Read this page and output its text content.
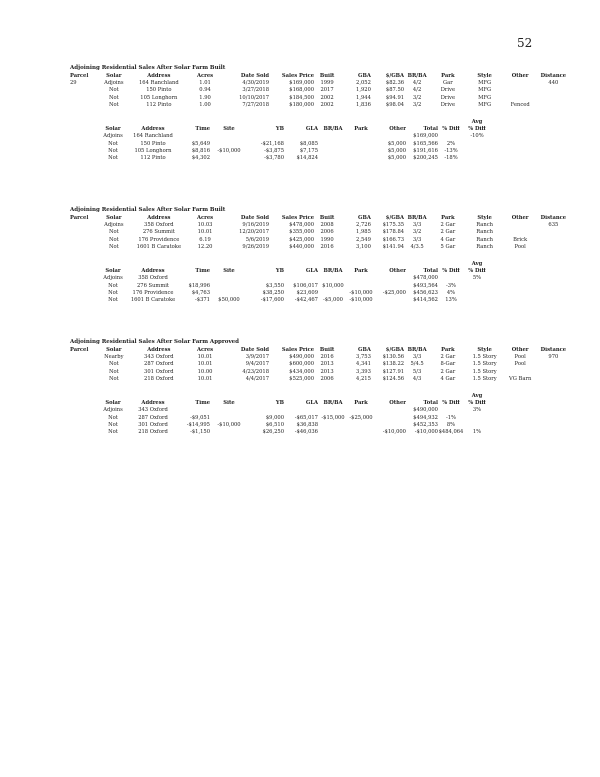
52
Adjoining Residential Sales After Solar Farm Built
Parcel	Solar	Address	Acres	Date Sold	Sales Price	Built	GBA	$/GBA	BR/BA	Park	Style	Other	Distance
29	Adjoins	164 Ranchland	1.01	4/30/2019	$169,000	1999	2,052	$82.36	4/2	Gar	MFG		440
	Not	150 Pinto	0.94	3/27/2018	$168,000	2017	1,920	$87.50	4/2	Drive	MFG		
	Not	105 Longhorn	1.90	10/10/2017	$184,500	2002	1,944	$94.91	3/2	Drive	MFG		
	Not	112 Pinto	1.00	7/27/2018	$180,000	2002	1,836	$98.04	3/2	Drive	MFG	Fenced	
											Avg
Solar	Address	Time	Site	YB	GLA	BR/BA	Park	Other	Total	% Diff	% Diff
Adjoins	164 Ranchland								$169,000		-10%
Not	150 Pinto	$5,649		-$21,168	$8,085			$5,000	$165,566	2%	
Not	105 Longhorn	$8,816	-$10,000	-$3,875	$7,175			$5,000	$191,616	-13%	
Not	112 Pinto	$4,302		-$3,780	$14,824			$5,000	$200,245	-18%	
Adjoining Residential Sales After Solar Farm Built
Parcel	Solar	Address	Acres	Date Sold	Sales Price	Built	GBA	$/GBA	BR/BA	Park	Style	Other	Distance
	Adjoins	358 Oxford	10.03	9/16/2019	$478,000	2008	2,726	$175.35	3/3	2 Gar	Ranch		635
	Not	276 Summit	10.01	12/20/2017	$355,000	2006	1,985	$178.84	3/2	2 Gar	Ranch		
	Not	176 Providence	6.19	5/6/2019	$425,000	1990	2,549	$166.73	3/3	4 Gar	Ranch	Brick	
	Not	1601 B Caratoke	12.20	9/26/2019	$440,000	2016	3,100	$141.94	4/3.5	5 Gar	Ranch	Pool	
											Avg
Solar	Address	Time	Site	YB	GLA	BR/BA	Park	Other	Total	% Diff	% Diff
Adjoins	358 Oxford								$478,000		5%
Not	276 Summit	$18,996		$3,550	$106,017	$10,000			$493,564	-3%	
Not	176 Providence	$4,763		$38,250	$23,609		-$10,000	-$25,000	$456,623	4%	
Not	1601 B Caratoke	-$371	$50,000	-$17,600	-$42,467	-$5,000	-$10,000		$414,562	13%	
Adjoining Residential Sales After Solar Farm Approved
Parcel	Solar	Address	Acres	Date Sold	Sales Price	Built	GBA	$/GBA	BR/BA	Park	Style	Other	Distance
	Nearby	343 Oxford	10.01	3/9/2017	$490,000	2016	3,753	$130.56	3/3	2 Gar	1.5 Story	Pool	970
	Not	287 Oxford	10.01	9/4/2017	$600,000	2013	4,341	$138.22	5/4.5	8-Gar	1.5 Story	Pool	
	Not	301 Oxford	10.00	4/23/2018	$434,000	2013	3,393	$127.91	5/3	2 Gar	1.5 Story		
	Not	218 Oxford	10.01	4/4/2017	$525,000	2006	4,215	$124.56	4/3	4 Gar	1.5 Story	VG Barn	
											Avg
Solar	Address	Time	Site	YB	GLA	BR/BA	Park	Other	Total	% Diff	% Diff
Adjoins	343 Oxford								$490,000		3%
Not	287 Oxford	-$9,051		$9,000	-$65,017	-$15,000	-$25,000		$494,932	-1%	
Not	301 Oxford	-$14,995	-$10,000	$6,510	$36,838				$452,353	8%	
Not	218 Oxford	-$1,150		$26,250	-$46,036			-$10,000	-$10,000	$484,064	1%
